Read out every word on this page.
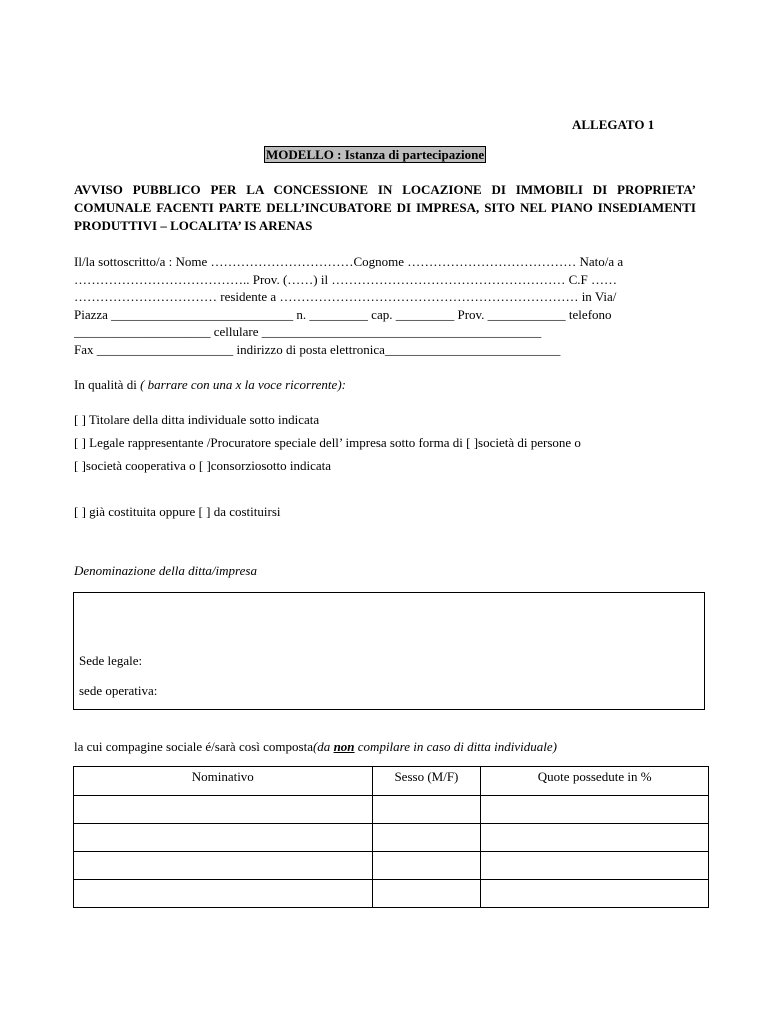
ALLEGATO 1
MODELLO : Istanza di partecipazione
AVVISO PUBBLICO PER LA CONCESSIONE IN LOCAZIONE DI IMMOBILI DI PROPRIETA’ COMUNALE FACENTI PARTE DELL’INCUBATORE DI IMPRESA, SITO NEL PIANO INSEDIAMENTI PRODUTTIVI – LOCALITA’ IS ARENAS
Il/la sottoscritto/a : Nome ……………………………Cognome ………………………………… Nato/a a
………………………………….. Prov. (……) il ……………………………………………… C.F ……
…………………………… residente a …………………………………………………………… in Via/
Piazza ____________________________ n. _________ cap. _________ Prov. ____________ telefono
_____________________ cellulare ___________________________________________
Fax _____________________ indirizzo di posta elettronica___________________________
In qualità di ( barrare con una x la voce ricorrente):
[ ] Titolare della ditta individuale sotto indicata
[ ] Legale rappresentante /Procuratore speciale dell’ impresa sotto forma di [ ]società di persone o
[ ]società cooperativa o [ ]consorziosotto indicata
[ ] già costituita oppure [ ] da costituirsi
Denominazione della ditta/impresa
Sede legale:
sede operativa:
la cui compagine sociale é/sarà così composta(da non compilare in caso di ditta individuale)
Nominativo	Sesso (M/F)	Quote possedute in %
